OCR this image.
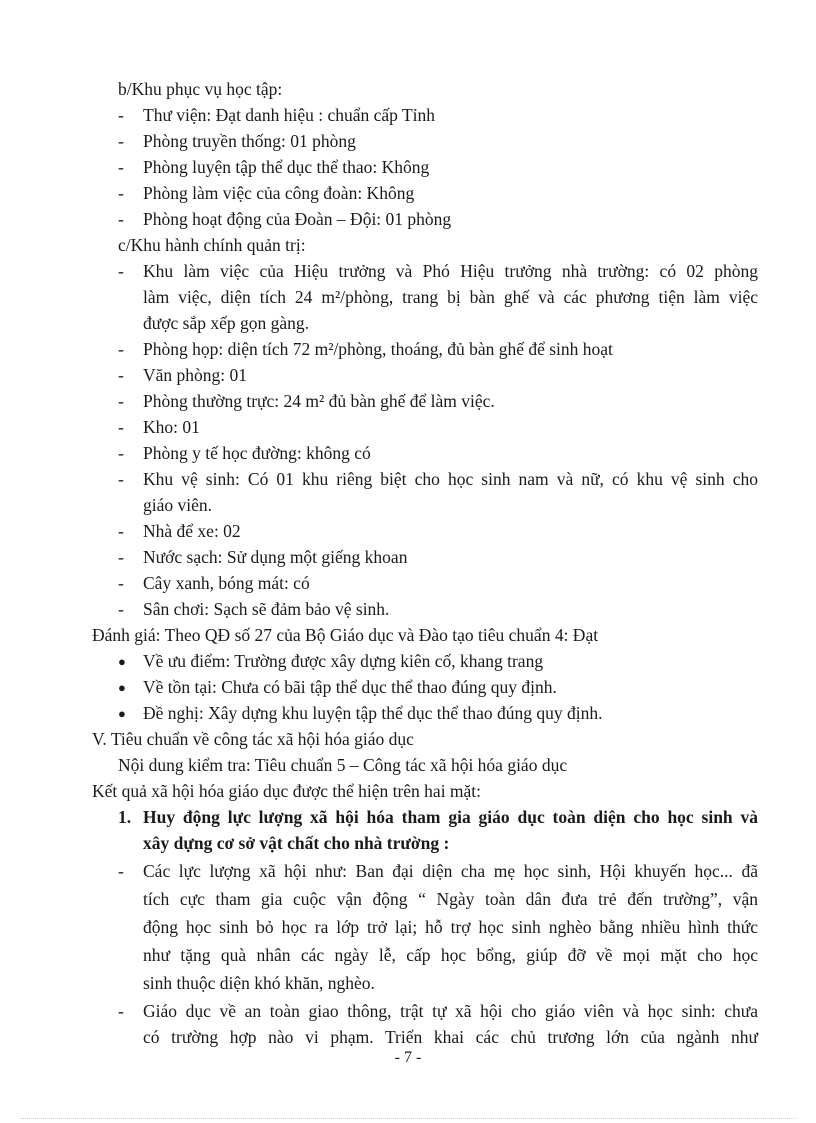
b/Khu phục vụ học tập:
- Thư viện: Đạt danh hiệu : chuẩn cấp Tỉnh
- Phòng truyền thống: 01 phòng
- Phòng luyện tập thể dục thể thao: Không
- Phòng làm việc của công đoàn: Không
- Phòng hoạt động của Đoàn – Đội: 01 phòng
c/Khu hành chính quản trị:
- Khu làm việc của Hiệu trưởng và Phó Hiệu trưởng nhà trường: có 02 phòng
làm việc, diện tích 24 m²/phòng, trang bị bàn ghế và các phương tiện làm việc
được sắp xếp gọn gàng.
- Phòng họp: diện tích 72 m²/phòng, thoáng, đủ bàn ghế để sinh hoạt
- Văn phòng: 01
- Phòng thường trực: 24 m² đủ bàn ghế để làm việc.
- Kho: 01
- Phòng y tế học đường: không có
- Khu vệ sinh: Có 01 khu riêng biệt cho học sinh nam và nữ, có khu vệ sinh cho
giáo viên.
- Nhà để xe: 02
- Nước sạch: Sử dụng một giếng khoan
- Cây xanh, bóng mát: có
- Sân chơi: Sạch sẽ đảm bảo vệ sinh.
Đánh giá: Theo QĐ số 27 của Bộ Giáo dục và Đào tạo tiêu chuẩn 4: Đạt
● Về ưu điểm: Trường được xây dựng kiên cố, khang trang
● Về tồn tại: Chưa có bãi tập thể dục thể thao đúng quy định.
● Đề nghị: Xây dựng khu luyện tập thể dục thể thao đúng quy định.
V. Tiêu chuẩn về công tác xã hội hóa giáo dục
Nội dung kiểm tra: Tiêu chuẩn 5 – Công tác xã hội hóa giáo dục
Kết quả xã hội hóa giáo dục được thể hiện trên hai mặt:
1. Huy động lực lượng xã hội hóa tham gia giáo dục toàn diện cho học sinh và
xây dựng cơ sở vật chất cho nhà trường :
- Các lực lượng xã hội như: Ban đại diện cha mẹ học sinh, Hội khuyến học... đã
tích cực tham gia cuộc vận động “ Ngày toàn dân đưa trẻ đến trường”, vận
động học sinh bỏ học ra lớp trở lại; hỗ trợ học sinh nghèo bằng nhiều hình thức
như tặng quà nhân các ngày lễ, cấp học bổng, giúp đỡ về mọi mặt cho học
sinh thuộc diện khó khăn, nghèo.
- Giáo dục về an toàn giao thông, trật tự xã hội cho giáo viên và học sinh: chưa
có trường hợp nào vi phạm. Triển khai các chủ trương lớn của ngành như
- 7 -
